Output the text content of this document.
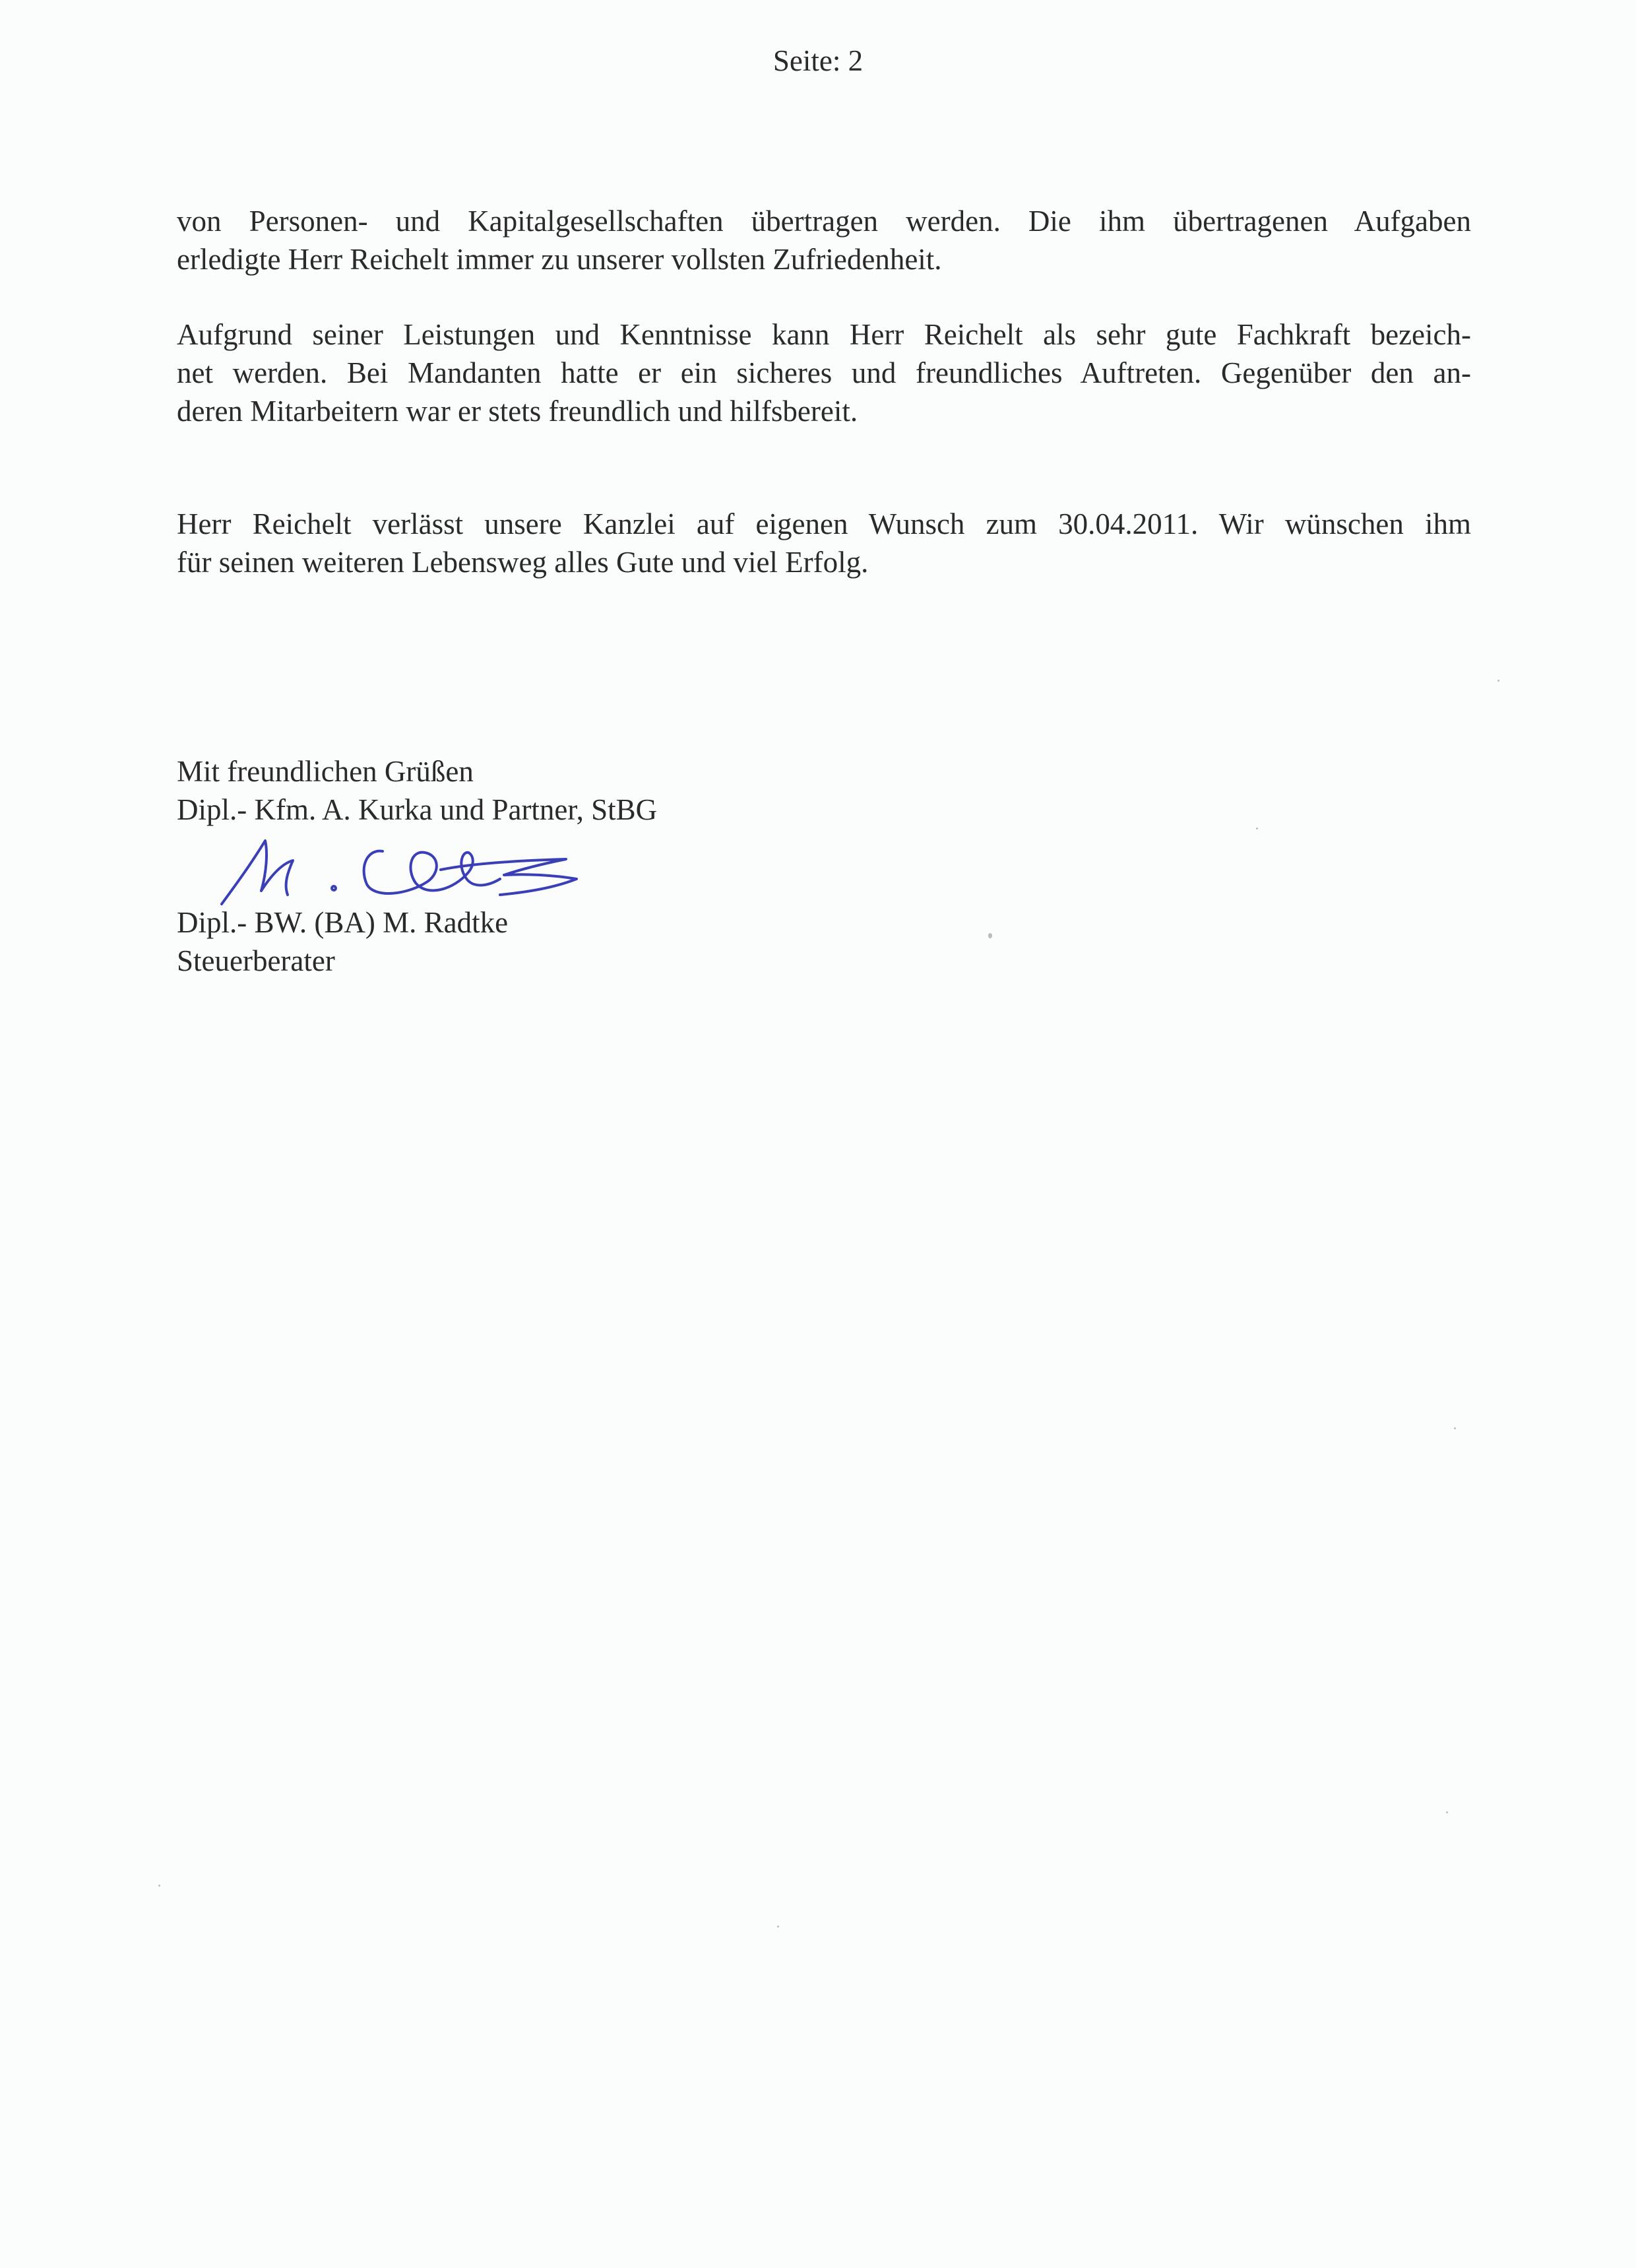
Seite: 2

von Personen- und Kapitalgesellschaften übertragen werden. Die ihm übertragenen Aufgaben
erledigte Herr Reichelt immer zu unserer vollsten Zufriedenheit.

Aufgrund seiner Leistungen und Kenntnisse kann Herr Reichelt als sehr gute Fachkraft bezeich-
net werden. Bei Mandanten hatte er ein sicheres und freundliches Auftreten. Gegenüber den an-
deren Mitarbeitern war er stets freundlich und hilfsbereit.

Herr Reichelt verlässt unsere Kanzlei auf eigenen Wunsch zum 30.04.2011. Wir wünschen ihm
für seinen weiteren Lebensweg alles Gute und viel Erfolg.

Mit freundlichen Grüßen
Dipl.- Kfm. A. Kurka und Partner, StBG
Dipl.- BW. (BA) M. Radtke
Steuerberater
